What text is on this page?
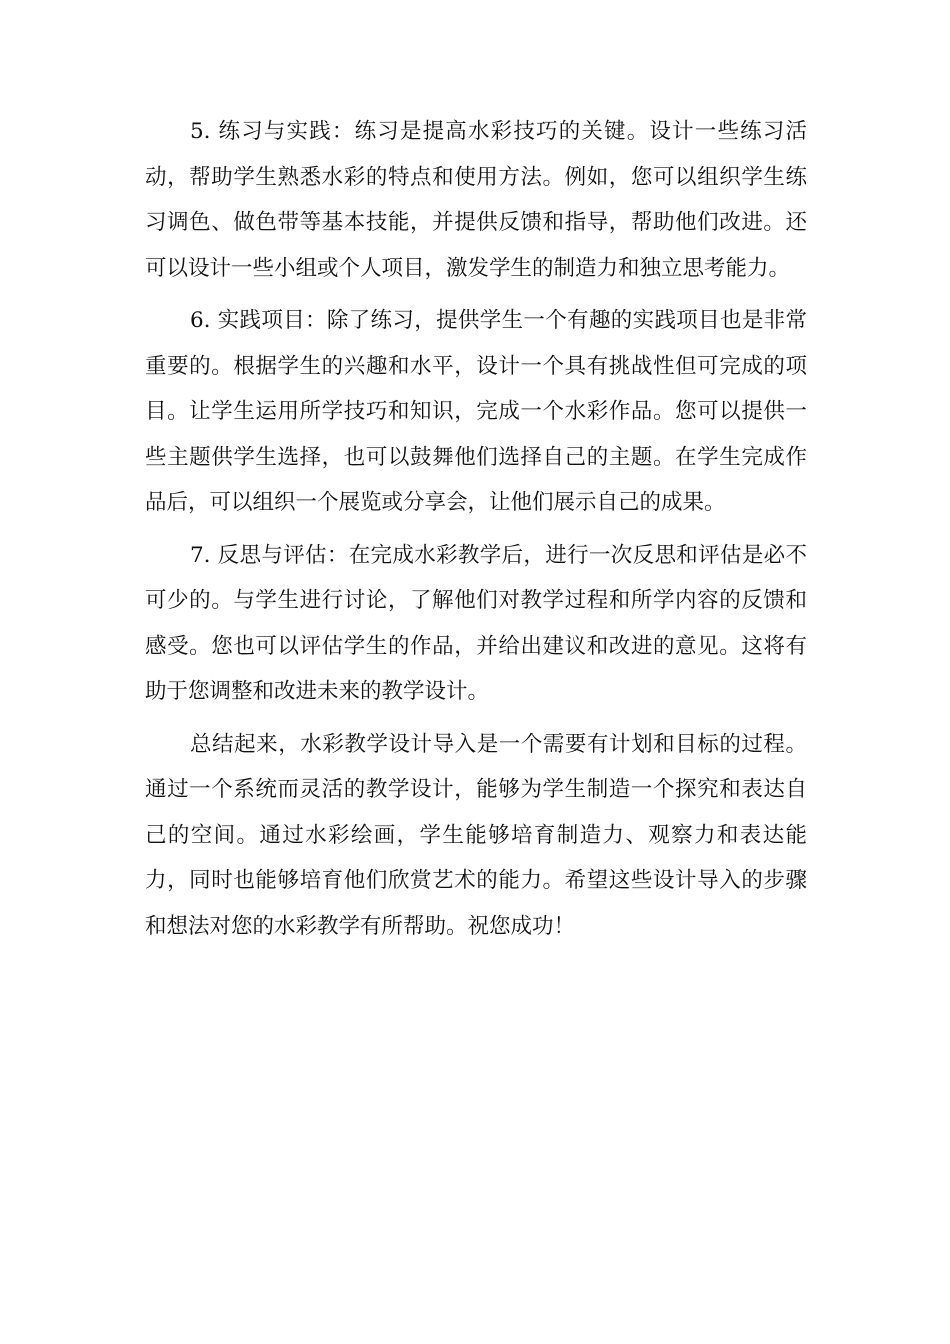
5. 练习与实践：练习是提高水彩技巧的关键。设计一些练习活动，帮助学生熟悉水彩的特点和使用方法。例如，您可以组织学生练习调色、做色带等基本技能，并提供反馈和指导，帮助他们改进。还可以设计一些小组或个人项目，激发学生的制造力和独立思考能力。

6. 实践项目：除了练习，提供学生一个有趣的实践项目也是非常重要的。根据学生的兴趣和水平，设计一个具有挑战性但可完成的项目。让学生运用所学技巧和知识，完成一个水彩作品。您可以提供一些主题供学生选择，也可以鼓舞他们选择自己的主题。在学生完成作品后，可以组织一个展览或分享会，让他们展示自己的成果。

7. 反思与评估：在完成水彩教学后，进行一次反思和评估是必不可少的。与学生进行讨论，了解他们对教学过程和所学内容的反馈和感受。您也可以评估学生的作品，并给出建议和改进的意见。这将有助于您调整和改进未来的教学设计。

总结起来，水彩教学设计导入是一个需要有计划和目标的过程。通过一个系统而灵活的教学设计，能够为学生制造一个探究和表达自己的空间。通过水彩绘画，学生能够培育制造力、观察力和表达能力，同时也能够培育他们欣赏艺术的能力。希望这些设计导入的步骤和想法对您的水彩教学有所帮助。祝您成功！
